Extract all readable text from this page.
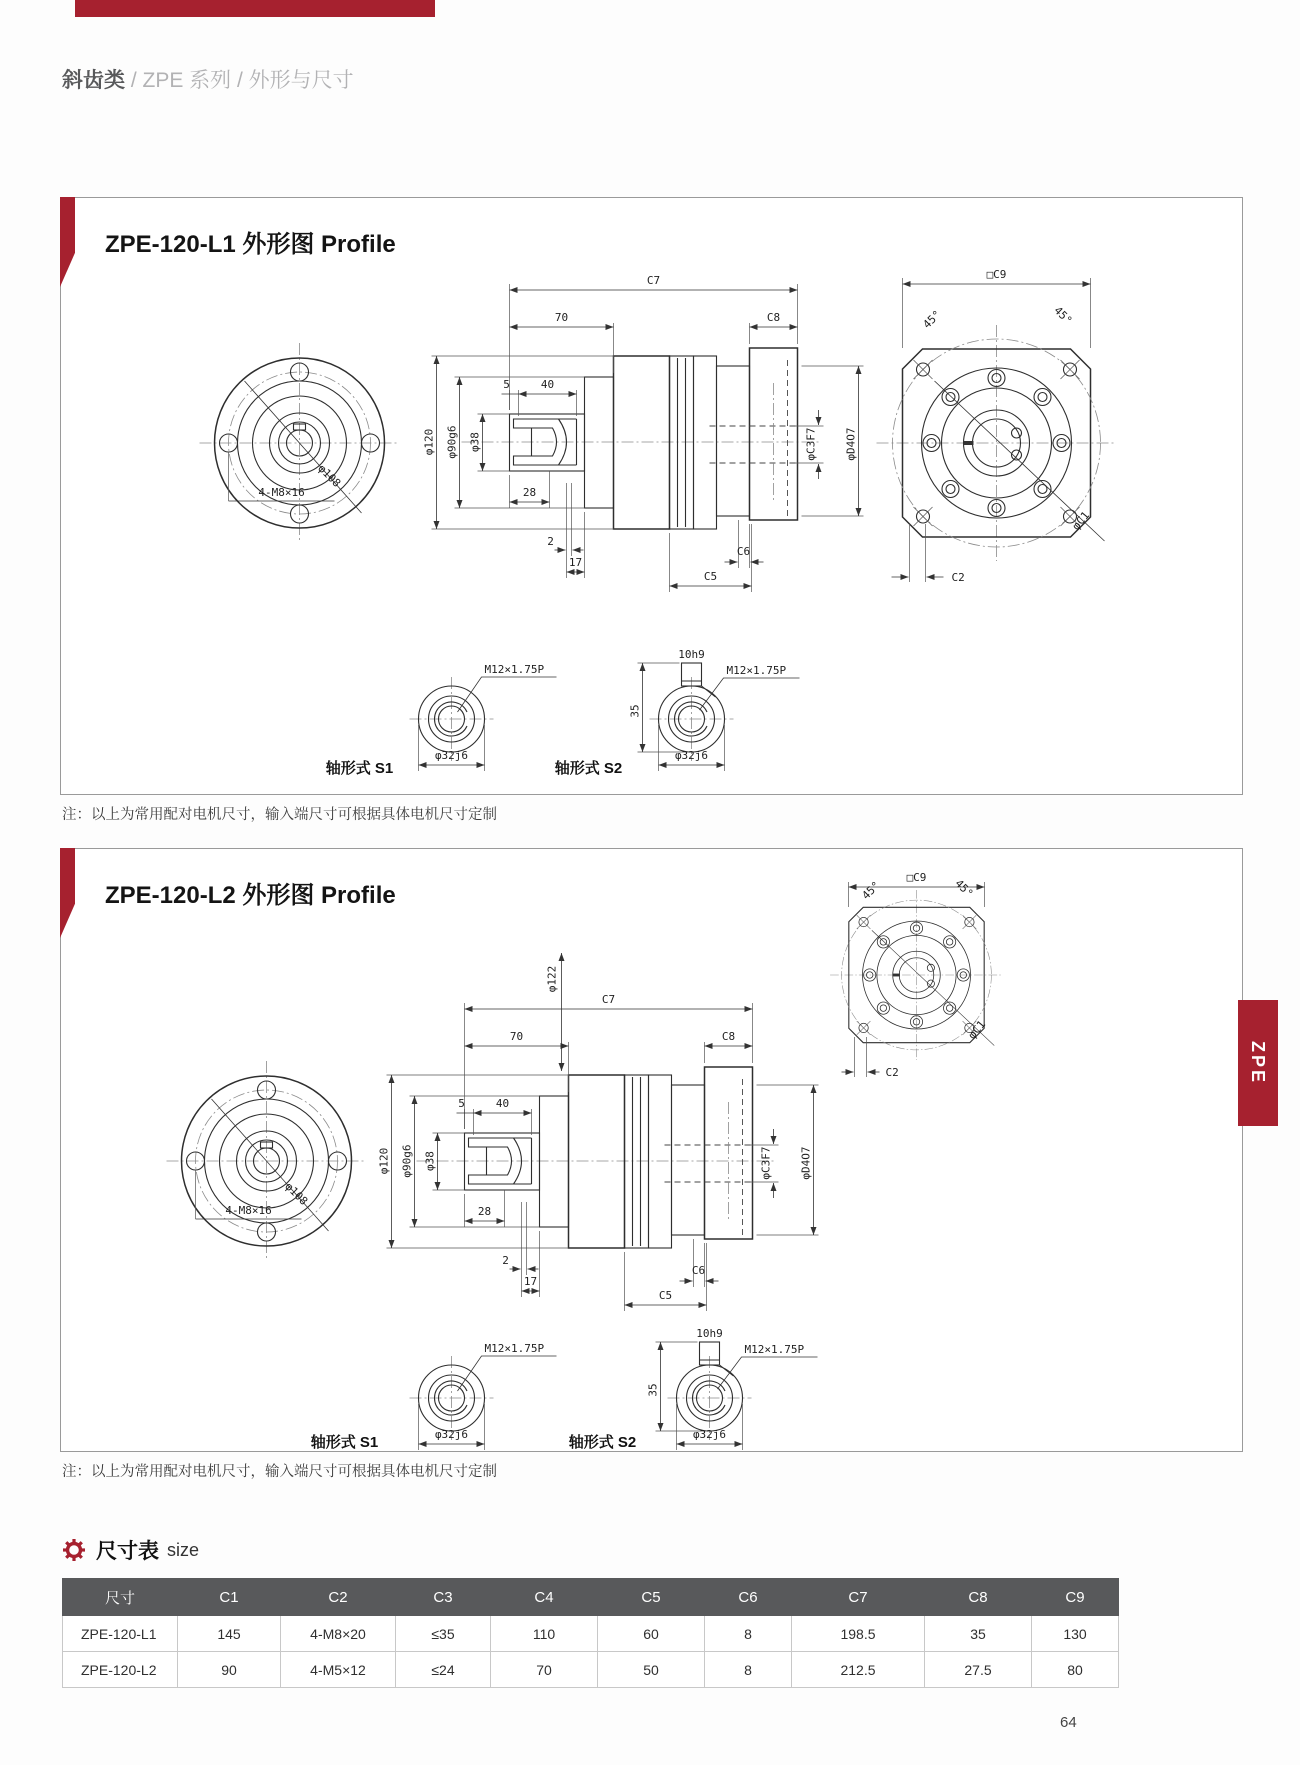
斜齿类 / ZPE 系列 / 外形与尺寸
ZPE-120-L1 外形图 Profile
□C9
45°	45°
C2
φC1
轴形式 S1	轴形式 S2
注：以上为常用配对电机尺寸，输入端尺寸可根据具体电机尺寸定制
ZPE-120-L2 外形图 Profile
φ122
□C9
45°	45°
C2
φC1
轴形式 S1	轴形式 S2
注：以上为常用配对电机尺寸，输入端尺寸可根据具体电机尺寸定制
ZPE
尺寸表 size
尺寸	C1	C2	C3	C4	C5	C6	C7	C8	C9
ZPE-120-L1	145	4-M8×20	≤35	110	60	8	198.5	35	130
ZPE-120-L2	90	4-M5×12	≤24	70	50	8	212.5	27.5	80
64
